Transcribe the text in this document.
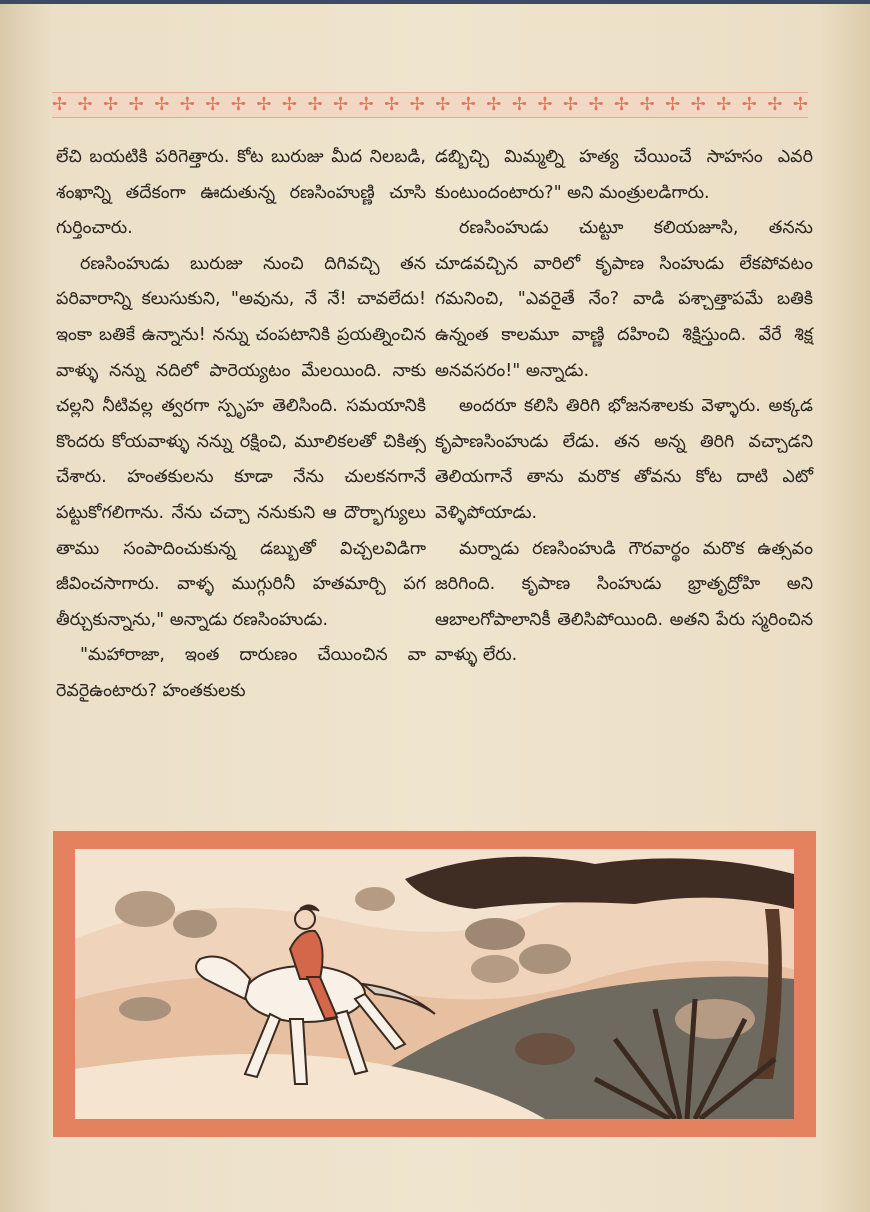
✢ ✢ ✢ ✢ ✢ ✢ ✢ ✢ ✢ ✢ ✢ ✢ ✢ ✢ ✢ ✢ ✢ ✢ ✢ ✢ ✢ ✢ ✢ ✢ ✢ ✢ ✢ ✢ ✢ ✢

లేచి బయటికి పరిగెత్తారు. కోట బురుజు మీద నిలబడి, శంఖాన్ని తదేకంగా ఊదుతున్న రణసింహుణ్ణి చూసి గుర్తించారు.

రణసింహుడు బురుజు నుంచి దిగివచ్చి తన పరివారాన్ని కలుసుకుని, "అవును, నే నే! చావలేదు! ఇంకా బతికే ఉన్నాను! నన్ను చంపటానికి ప్రయత్నించిన వాళ్ళు నన్ను నదిలో పారెయ్యటం మేలయింది. నాకు చల్లని నీటివల్ల త్వరగా స్పృహ తెలిసింది. సమయానికి కొందరు కోయవాళ్ళు నన్ను రక్షించి, మూలికలతో చికిత్స చేశారు. హంతకులను కూడా నేను చులకనగానే పట్టుకోగలిగాను. నేను చచ్చా ననుకుని ఆ దౌర్భాగ్యులు తాము సంపాదించుకున్న డబ్బుతో విచ్చలవిడిగా జీవించసాగారు. వాళ్ళ ముగ్గురినీ హతమార్చి పగ తీర్చుకున్నాను," అన్నాడు రణసింహుడు.

"మహారాజా, ఇంత దారుణం చేయించిన వా రెవరైఉంటారు? హంతకులకు

డబ్బిచ్చి మిమ్మల్ని హత్య చేయించే సాహసం ఎవరి కుంటుందంటారు?" అని మంత్రులడిగారు.

రణసింహుడు చుట్టూ కలియజూసి, తనను చూడవచ్చిన వారిలో కృపాణ సింహుడు లేకపోవటం గమనించి, "ఎవరైతే నేం? వాడి పశ్చాత్తాపమే బతికి ఉన్నంత కాలమూ వాణ్ణి దహించి శిక్షిస్తుంది. వేరే శిక్ష అనవసరం!" అన్నాడు.

అందరూ కలిసి తిరిగి భోజనశాలకు వెళ్ళారు. అక్కడ కృపాణసింహుడు లేడు. తన అన్న తిరిగి వచ్చాడని తెలియగానే తాను మరొక తోవను కోట దాటి ఎటో వెళ్ళిపోయాడు.

మర్నాడు రణసింహుడి గౌరవార్థం మరొక ఉత్సవం జరిగింది. కృపాణ సింహుడు భ్రాతృద్రోహి అని ఆబాలగోపాలానికీ తెలిసిపోయింది. అతని పేరు స్మరించిన వాళ్ళు లేరు.
